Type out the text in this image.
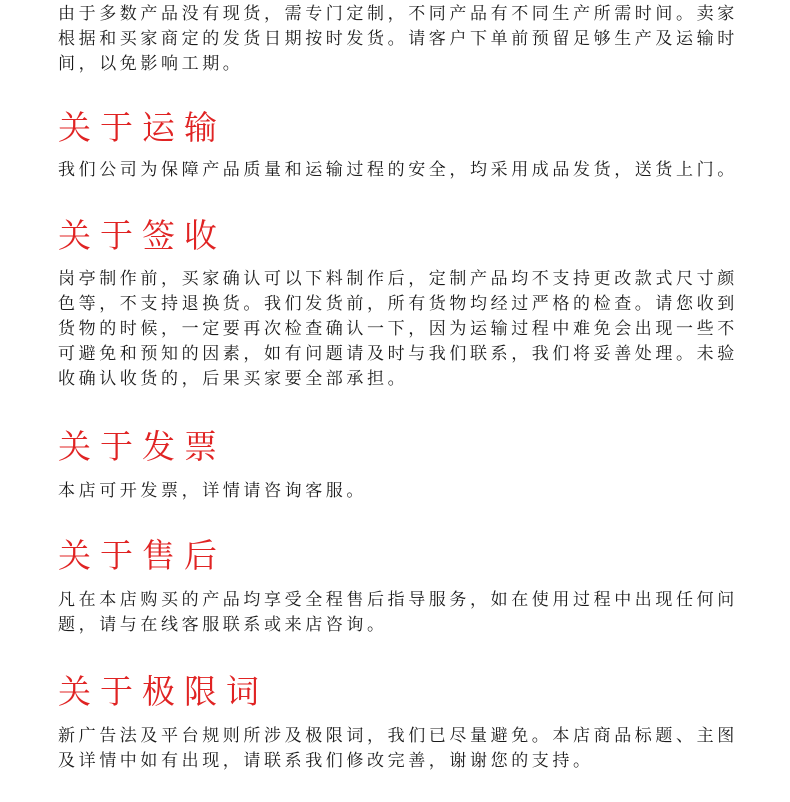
由于多数产品没有现货，需专门定制，不同产品有不同生产所需时间。卖家根据和买家商定的发货日期按时发货。请客户下单前预留足够生产及运输时间，以免影响工期。

关于运输

我们公司为保障产品质量和运输过程的安全，均采用成品发货，送货上门。

关于签收

岗亭制作前，买家确认可以下料制作后，定制产品均不支持更改款式尺寸颜色等，不支持退换货。我们发货前，所有货物均经过严格的检查。请您收到货物的时候，一定要再次检查确认一下，因为运输过程中难免会出现一些不可避免和预知的因素，如有问题请及时与我们联系，我们将妥善处理。未验收确认收货的，后果买家要全部承担。

关于发票

本店可开发票，详情请咨询客服。

关于售后

凡在本店购买的产品均享受全程售后指导服务，如在使用过程中出现任何问题，请与在线客服联系或来店咨询。

关于极限词

新广告法及平台规则所涉及极限词，我们已尽量避免。本店商品标题、主图及详情中如有出现，请联系我们修改完善，谢谢您的支持。
